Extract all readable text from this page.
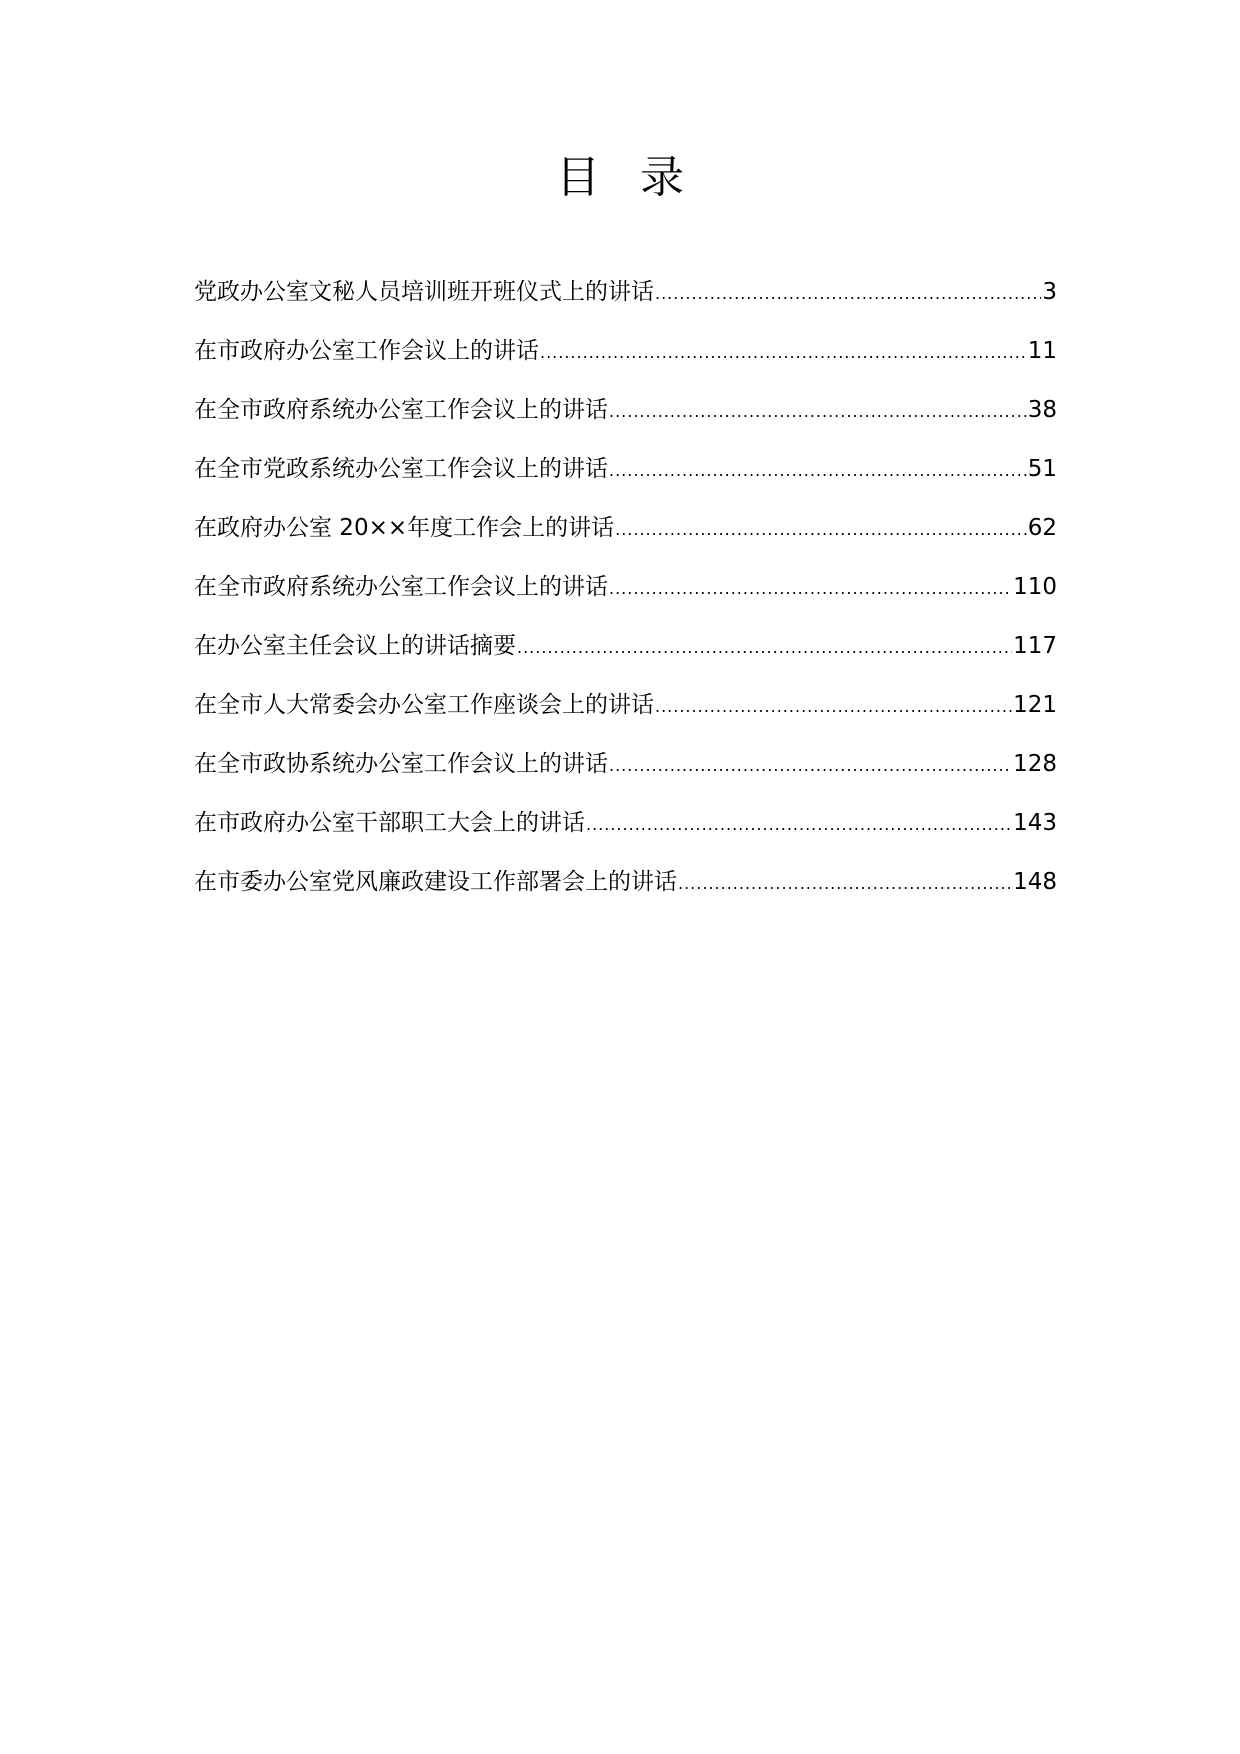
目 录
党政办公室文秘人员培训班开班仪式上的讲话 .....	3
在市政府办公室工作会议上的讲话 .....	11
在全市政府系统办公室工作会议上的讲话 .....	38
在全市党政系统办公室工作会议上的讲话 .....	51
在政府办公室 20××年度工作会上的讲话 .....	62
在全市政府系统办公室工作会议上的讲话 .....	110
在办公室主任会议上的讲话摘要 .....	117
在全市人大常委会办公室工作座谈会上的讲话 .....	121
在全市政协系统办公室工作会议上的讲话 .....	128
在市政府办公室干部职工大会上的讲话 .....	143
在市委办公室党风廉政建设工作部署会上的讲话 .....	148
